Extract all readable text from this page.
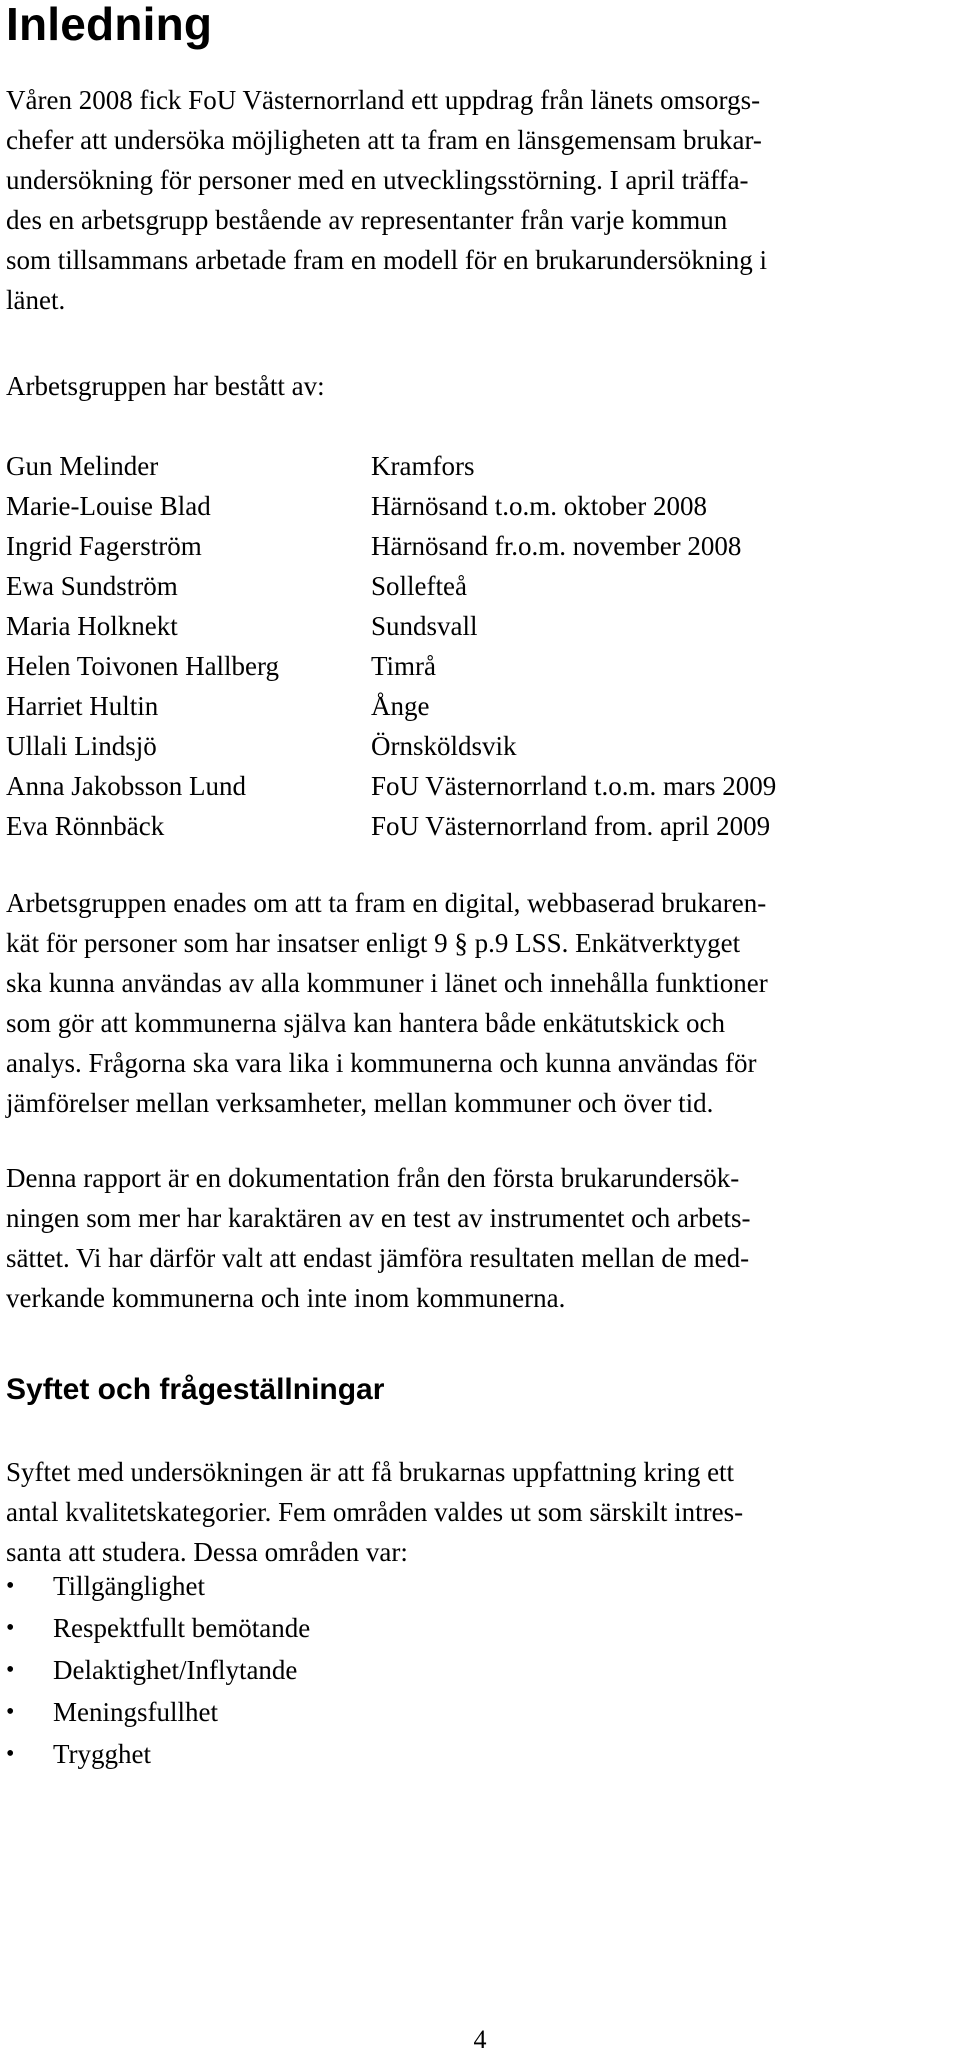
Inledning

Våren 2008 fick FoU Västernorrland ett uppdrag från länets omsorgs-
chefer att undersöka möjligheten att ta fram en länsgemensam brukar-
undersökning för personer med en utvecklingsstörning. I april träffa-
des en arbetsgrupp bestående av representanter från varje kommun
som tillsammans arbetade fram en modell för en brukarundersökning i
länet.

Arbetsgruppen har bestått av:

Gun Melinder	Kramfors
Marie-Louise Blad	Härnösand t.o.m. oktober 2008
Ingrid Fagerström	Härnösand fr.o.m. november 2008
Ewa Sundström	Sollefteå
Maria Holknekt	Sundsvall
Helen Toivonen Hallberg	Timrå
Harriet Hultin	Ånge
Ullali Lindsjö	Örnsköldsvik
Anna Jakobsson Lund	FoU Västernorrland t.o.m. mars 2009
Eva Rönnbäck	FoU Västernorrland from. april 2009

Arbetsgruppen enades om att ta fram en digital, webbaserad brukaren-
kät för personer som har insatser enligt 9 § p.9 LSS. Enkätverktyget
ska kunna användas av alla kommuner i länet och innehålla funktioner
som gör att kommunerna själva kan hantera både enkätutskick och
analys. Frågorna ska vara lika i kommunerna och kunna användas för
jämförelser mellan verksamheter, mellan kommuner och över tid.

Denna rapport är en dokumentation från den första brukarundersök-
ningen som mer har karaktären av en test av instrumentet och arbets-
sättet. Vi har därför valt att endast jämföra resultaten mellan de med-
verkande kommunerna och inte inom kommunerna.

Syftet och frågeställningar

Syftet med undersökningen är att få brukarnas uppfattning kring ett
antal kvalitetskategorier. Fem områden valdes ut som särskilt intres-
santa att studera. Dessa områden var:

• Tillgänglighet
• Respektfullt bemötande
• Delaktighet/Inflytande
• Meningsfullhet
• Trygghet
4
